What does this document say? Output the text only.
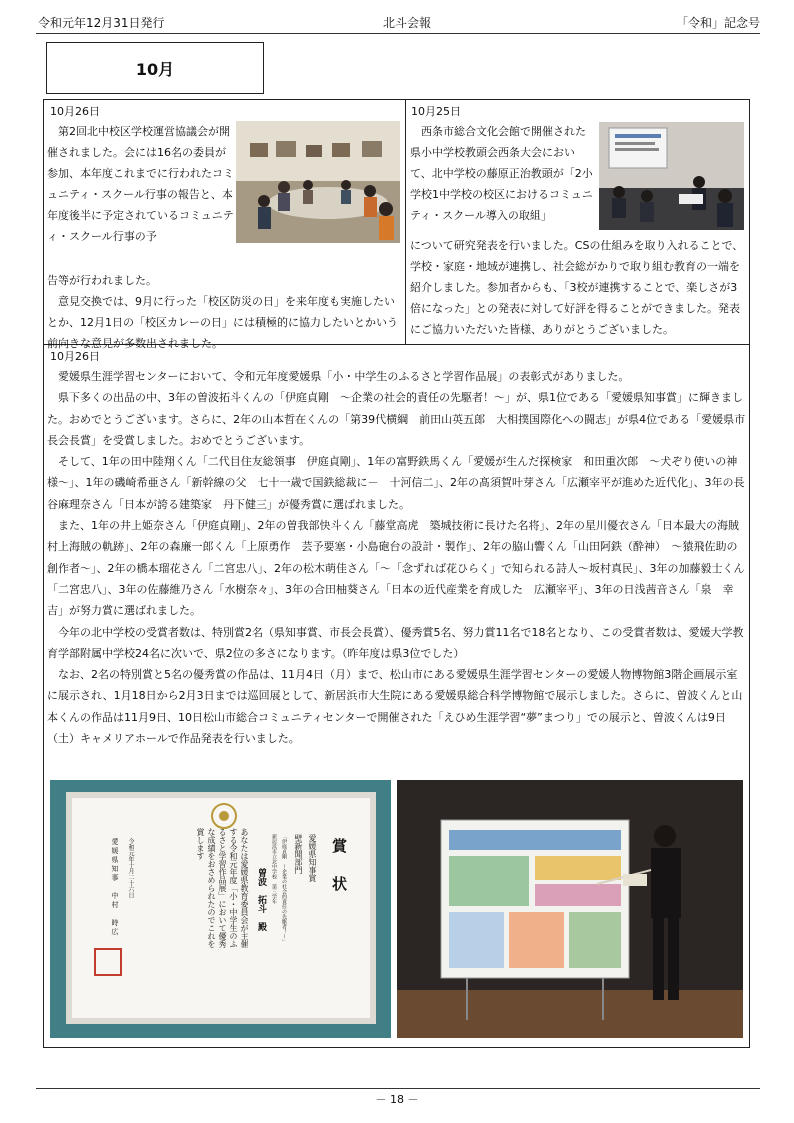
令和元年12月31日発行	北斗会報	「令和」記念号
10月
10月26日

　第2回北中校区学校運営協議会が開催されました。会には16名の委員が参加、本年度これまでに行われたコミュニティ・スクール行事の報告と、本年度後半に予定されているコミュニティ・スクール行事の予

告等が行われました。
　意見交換では、9月に行った「校区防災の日」を来年度も実施したいとか、12月1日の「校区カレーの日」には積極的に協力したいとかいう前向きな意見が多数出されました。

10月25日

　西条市総合文化会館で開催された県小中学校教頭会西条大会において、北中学校の藤原正治教頭が「2小学校1中学校の校区におけるコミュニティ・スクール導入の取組」

について研究発表を行いました。CSの仕組みを取り入れることで、学校・家庭・地域が連携し、社会総がかりで取り組む教育の一端を紹介しました。参加者からも、「3校が連携することで、楽しさが3倍になった」との発表に対して好評を得ることができました。発表にご協力いただいた皆様、ありがとうございました。

10月26日

　愛媛県生涯学習センターにおいて、令和元年度愛媛県「小・中学生のふるさと学習作品展」の表彰式がありました。
　県下多くの出品の中、3年の曽波拓斗くんの「伊庭貞剛　～企業の社会的責任の先駆者！～」が、県1位である「愛媛県知事賞」に輝きました。おめでとうございます。さらに、2年の山本哲在くんの「第39代横綱　前田山英五郎　大相撲国際化への闘志」が県4位である「愛媛県市長会長賞」を受賞しました。おめでとうございます。
　そして、1年の田中陸翔くん「二代目住友総領事　伊庭貞剛」、1年の富野鉄馬くん「愛媛が生んだ探検家　和田重次郎　～犬ぞり使いの神様～」、1年の磯崎希亜さん「新幹線の父　七十一歳で国鉄総裁に－　十河信二」、2年の髙須賀叶芽さん「広瀬宰平が進めた近代化」、3年の長谷麻理奈さん「日本が誇る建築家　丹下健三」が優秀賞に選ばれました。
　また、1年の井上姫奈さん「伊庭貞剛」、2年の曽我部快斗くん「藤堂高虎　築城技術に長けた名将」、2年の星川優衣さん「日本最大の海賊　村上海賊の軌跡」、2年の森廉一郎くん「上原勇作　芸予要塞・小島砲台の設計・製作」、2年の脇山響くん「山田阿鉄（酔神）　～猿飛佐助の創作者～」、2年の橋本瑠花さん「二宮忠八」、2年の松木萌佳さん「～「念ずれば花ひらく」で知られる詩人～坂村真民」、3年の加藤毅士くん「二宮忠八」、3年の佐藤維乃さん「水樹奈々」、3年の合田柚葵さん「日本の近代産業を育成した　広瀬宰平」、3年の日浅茜音さん「泉　幸吉」が努力賞に選ばれました。
　今年の北中学校の受賞者数は、特別賞2名（県知事賞、市長会長賞）、優秀賞5名、努力賞11名で18名となり、この受賞者数は、愛媛大学教育学部附属中学校24名に次いで、県2位の多さになります。（昨年度は県3位でした）
　なお、2名の特別賞と5名の優秀賞の作品は、11月4日（月）まで、松山市にある愛媛県生涯学習センターの愛媛人物博物館3階企画展示室に展示され、1月18日から2月3日までは巡回展として、新居浜市大生院にある愛媛県総合科学博物館で展示しました。さらに、曽波くんと山本くんの作品は11月9日、10日松山市総合コミュニティセンターで開催された「えひめ生涯学習“夢”まつり」での展示と、曽波くんは9日（土）キャメリアホールで作品発表を行いました。

賞　状
愛媛県知事賞
壁新聞部門
「伊庭貞剛　～企業の社会的責任の先駆者！～」
新居浜市立北中学校　第三学年
曽波　拓斗　殿
あなたは愛媛県教育委員会が主催する令和元年度「小・中学生のふるさと学習作品展」において優秀な成績をおさめられたのでこれを賞します
令和元年十月二十六日
愛媛県知事　中村　時広
－ 18 －
